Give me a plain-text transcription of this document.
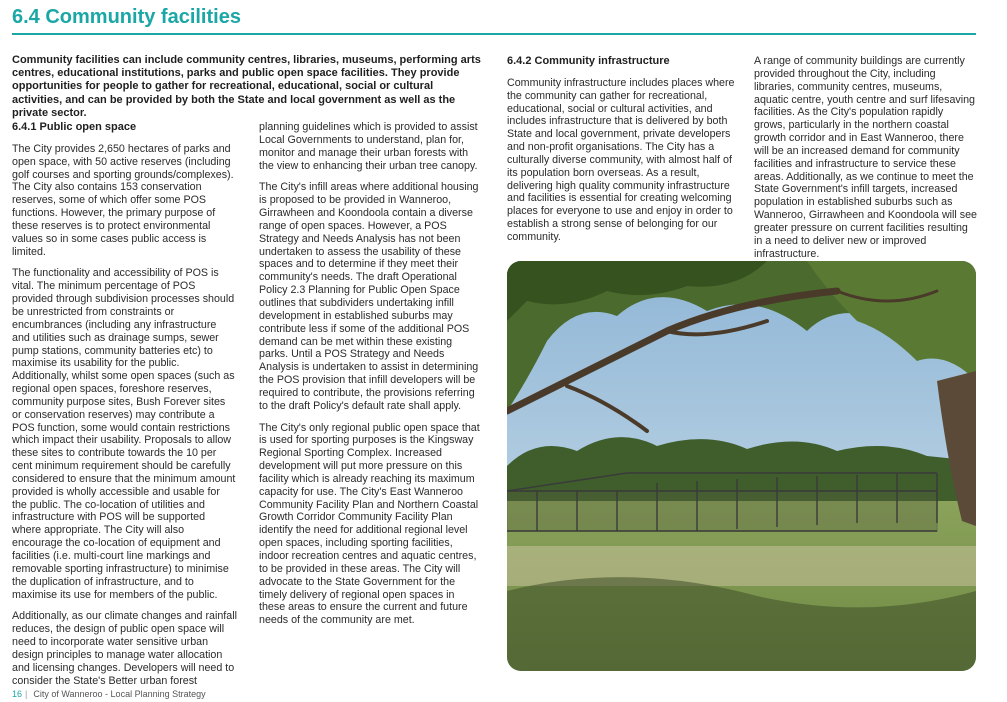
6.4 Community facilities

Community facilities can include community centres, libraries, museums, performing arts centres, educational institutions, parks and public open space facilities. They provide opportunities for people to gather for recreational, educational, social or cultural activities, and can be provided by both the State and local government as well as the private sector.

6.4.1 Public open space

The City provides 2,650 hectares of parks and open space, with 50 active reserves (including golf courses and sporting grounds/complexes). The City also contains 153 conservation reserves, some of which offer some POS functions. However, the primary purpose of these reserves is to protect environmental values so in some cases public access is limited.

The functionality and accessibility of POS is vital. The minimum percentage of POS provided through subdivision processes should be unrestricted from constraints or encumbrances (including any infrastructure and utilities such as drainage sumps, sewer pump stations, community batteries etc) to maximise its usability for the public. Additionally, whilst some open spaces (such as regional open spaces, foreshore reserves, community purpose sites, Bush Forever sites or conservation reserves) may contribute a POS function, some would contain restrictions which impact their usability. Proposals to allow these sites to contribute towards the 10 per cent minimum requirement should be carefully considered to ensure that the minimum amount provided is wholly accessible and usable for the public. The co-location of utilities and infrastructure with POS will be supported where appropriate. The City will also encourage the co-location of equipment and facilities (i.e. multi-court line markings and removable sporting infrastructure) to minimise the duplication of infrastructure, and to maximise its use for members of the public.

Additionally, as our climate changes and rainfall reduces, the design of public open space will need to incorporate water sensitive urban design principles to manage water allocation and licensing changes. Developers will need to consider the State's Better urban forest

planning guidelines which is provided to assist Local Governments to understand, plan for, monitor and manage their urban forests with the view to enhancing their urban tree canopy.

The City's infill areas where additional housing is proposed to be provided in Wanneroo, Girrawheen and Koondoola contain a diverse range of open spaces. However, a POS Strategy and Needs Analysis has not been undertaken to assess the usability of these spaces and to determine if they meet their community's needs. The draft Operational Policy 2.3 Planning for Public Open Space outlines that subdividers undertaking infill development in established suburbs may contribute less if some of the additional POS demand can be met within these existing parks. Until a POS Strategy and Needs Analysis is undertaken to assist in determining the POS provision that infill developers will be required to contribute, the provisions referring to the draft Policy's default rate shall apply.

The City's only regional public open space that is used for sporting purposes is the Kingsway Regional Sporting Complex. Increased development will put more pressure on this facility which is already reaching its maximum capacity for use. The City's East Wanneroo Community Facility Plan and Northern Coastal Growth Corridor Community Facility Plan identify the need for additional regional level open spaces, including sporting facilities, indoor recreation centres and aquatic centres, to be provided in these areas. The City will advocate to the State Government for the timely delivery of regional open spaces in these areas to ensure the current and future needs of the community are met.

6.4.2 Community infrastructure

Community infrastructure includes places where the community can gather for recreational, educational, social or cultural activities, and includes infrastructure that is delivered by both State and local government, private developers and non-profit organisations. The City has a culturally diverse community, with almost half of its population born overseas. As a result, delivering high quality community infrastructure and facilities is essential for creating welcoming places for everyone to use and enjoy in order to establish a strong sense of belonging for our community.

A range of community buildings are currently provided throughout the City, including libraries, community centres, museums, aquatic centre, youth centre and surf lifesaving facilities. As the City's population rapidly grows, particularly in the northern coastal growth corridor and in East Wanneroo, there will be an increased demand for community facilities and infrastructure to service these areas. Additionally, as we continue to meet the State Government's infill targets, increased population in established suburbs such as Wanneroo, Girrawheen and Koondoola will see greater pressure on current facilities resulting in a need to deliver new or improved infrastructure.

16 | City of Wanneroo - Local Planning Strategy
